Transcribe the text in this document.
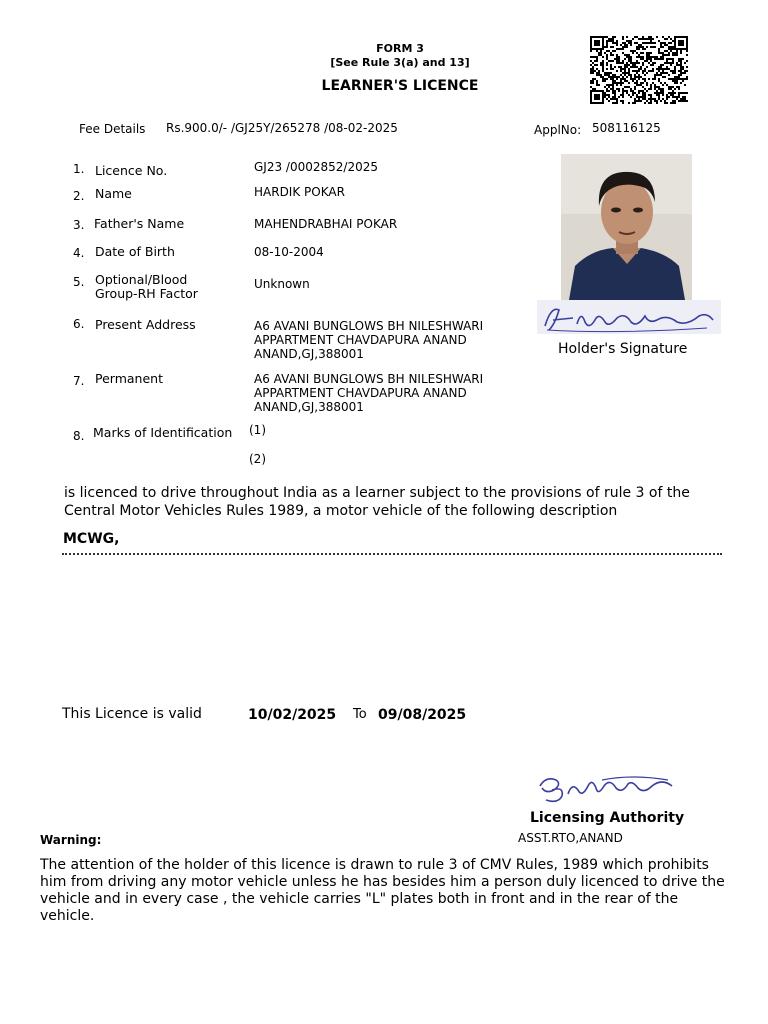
FORM 3
[See Rule 3(a) and 13]
LEARNER'S LICENCE
Fee Details Rs.900.0/- /GJ25Y/265278 /08-02-2025	ApplNo: 508116125
1. Licence No.	GJ23 /0002852/2025
2. Name	HARDIK POKAR
3. Father's Name	MAHENDRABHAI POKAR
4. Date of Birth	08-10-2004
5. Optional/Blood
Group-RH Factor
Unknown
6. Present Address	A6 AVANI BUNGLOWS BH NILESHWARI
APPARTMENT CHAVDAPURA ANAND
ANAND,GJ,388001
7. Permanent	A6 AVANI BUNGLOWS BH NILESHWARI
APPARTMENT CHAVDAPURA ANAND
ANAND,GJ,388001
8. Marks of Identification (1)
(2)
Holder's Signature
is licenced to drive throughout India as a learner subject to the provisions of rule 3 of the Central Motor Vehicles Rules 1989, a motor vehicle of the following description
MCWG,
This Licence is valid	10/02/2025 To 09/08/2025
Licensing Authority
ASST.RTO,ANAND
Warning:
The attention of the holder of this licence is drawn to rule 3 of CMV Rules, 1989 which prohibits him from driving any motor vehicle unless he has besides him a person duly licenced to drive the vehicle and in every case , the vehicle carries "L" plates both in front and in the rear of the vehicle.
